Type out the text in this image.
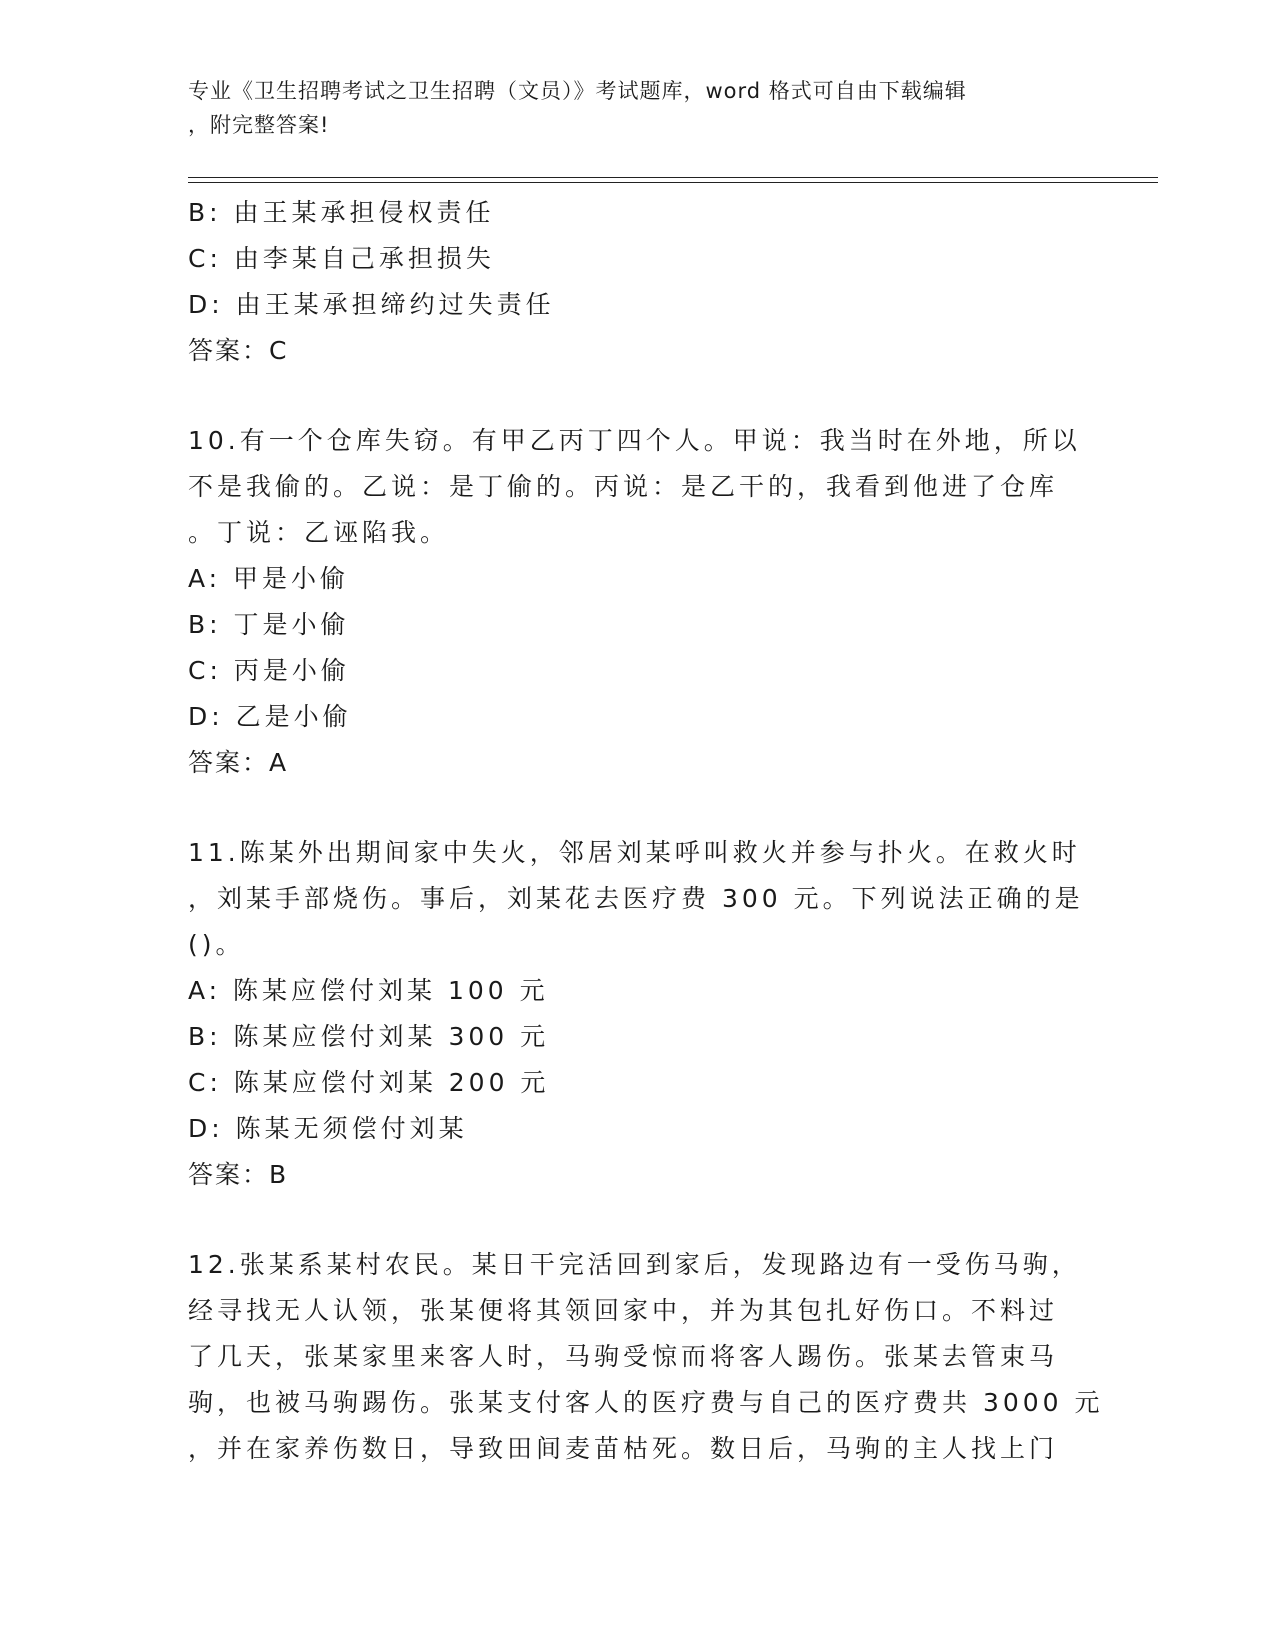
专业《卫生招聘考试之卫生招聘（文员）》考试题库，word 格式可自由下载编辑
，附完整答案!
B: 由王某承担侵权责任
C: 由李某自己承担损失
D: 由王某承担缔约过失责任
答案：C
10.有一个仓库失窃。有甲乙丙丁四个人。甲说：我当时在外地，所以
不是我偷的。乙说：是丁偷的。丙说：是乙干的，我看到他进了仓库
。丁说：乙诬陷我。
A: 甲是小偷
B: 丁是小偷
C: 丙是小偷
D: 乙是小偷
答案：A
11.陈某外出期间家中失火，邻居刘某呼叫救火并参与扑火。在救火时
，刘某手部烧伤。事后，刘某花去医疗费 300 元。下列说法正确的是
()。
A: 陈某应偿付刘某 100 元
B: 陈某应偿付刘某 300 元
C: 陈某应偿付刘某 200 元
D: 陈某无须偿付刘某
答案：B
12.张某系某村农民。某日干完活回到家后，发现路边有一受伤马驹，
经寻找无人认领，张某便将其领回家中，并为其包扎好伤口。不料过
了几天，张某家里来客人时，马驹受惊而将客人踢伤。张某去管束马
驹，也被马驹踢伤。张某支付客人的医疗费与自己的医疗费共 3000 元
，并在家养伤数日，导致田间麦苗枯死。数日后，马驹的主人找上门
